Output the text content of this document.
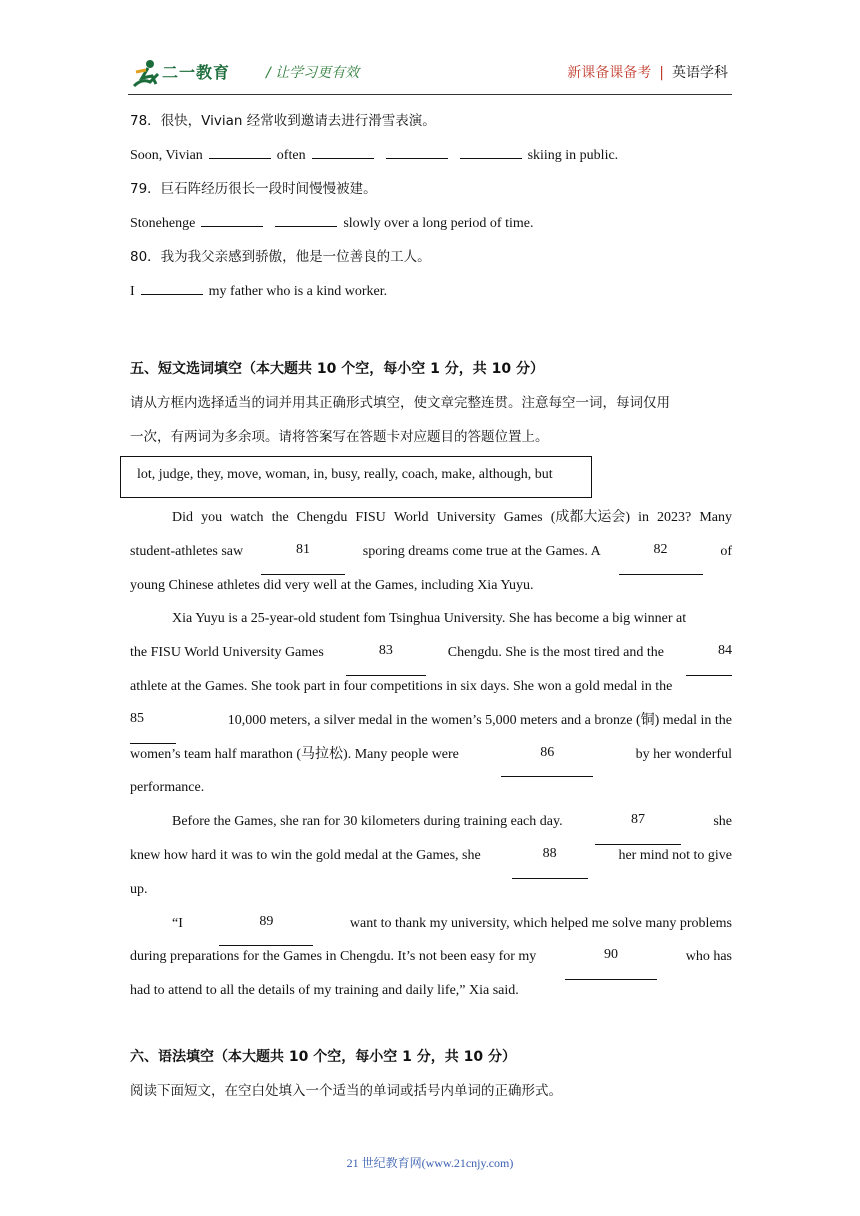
二一教育	/ 让学习更有效	新课备课备考 | 英语学科
78．很快，Vivian 经常收到邀请去进行滑雪表演。
Soon, Vivian	often	skiing in public.
79．巨石阵经历很长一段时间慢慢被建。
Stonehenge	slowly over a long period of time.
80．我为我父亲感到骄傲，他是一位善良的工人。
I	my father who is a kind worker.
五、短文选词填空（本大题共 10 个空，每小空 1 分，共 10 分）
请从方框内选择适当的词并用其正确形式填空，使文章完整连贯。注意每空一词，每词仅用
一次，有两词为多余项。请将答案写在答题卡对应题目的答题位置上。
lot, judge, they, move, woman, in, busy, really, coach, make, although, but
Did you watch the Chengdu FISU World University Games (成都大运会) in 2023? Many
student-athletes saw	81	sporing dreams come true at the Games. A	82	of
young Chinese athletes did very well at the Games, including Xia Yuyu.
Xia Yuyu is a 25-year-old student fom Tsinghua University. She has become a big winner at
the FISU World University Games	83	Chengdu. She is the most tired and the	84
athlete at the Games. She took part in four competitions in six days. She won a gold medal in the
85	10,000 meters, a silver medal in the women’s 5,000 meters and a bronze (铜) medal in the
women’s team half marathon (马拉松). Many people were	86	by her wonderful
performance.
Before the Games, she ran for 30 kilometers during training each day.	87	she
knew how hard it was to win the gold medal at the Games, she	88	her mind not to give
up.
“I	89	want to thank my university, which helped me solve many problems
during preparations for the Games in Chengdu. It’s not been easy for my	90	who has
had to attend to all the details of my training and daily life,” Xia said.
六、语法填空（本大题共 10 个空，每小空 1 分，共 10 分）
阅读下面短文，在空白处填入一个适当的单词或括号内单词的正确形式。
21 世纪教育网(www.21cnjy.com)
